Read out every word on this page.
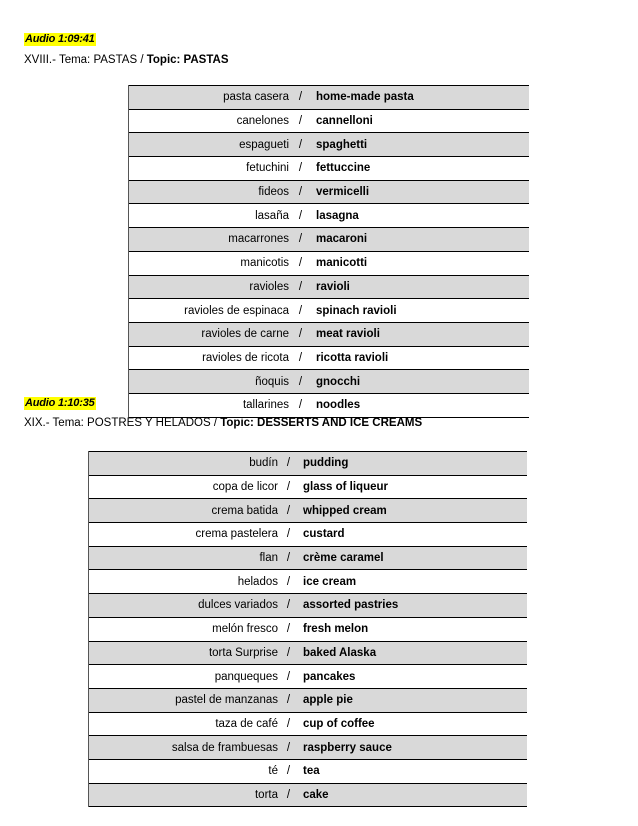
Audio 1:09:41
XVIII.- Tema: PASTAS / Topic: PASTAS
pasta casera /	home-made pasta
canelones /	cannelloni
espagueti /	spaghetti
fetuchini /	fettuccine
fideos /	vermicelli
lasaña /	lasagna
macarrones /	macaroni
manicotis /	manicotti
ravioles /	ravioli
ravioles de espinaca /	spinach ravioli
ravioles de carne /	meat ravioli
ravioles de ricota /	ricotta ravioli
ñoquis /	gnocchi
tallarines /	noodles
Audio 1:10:35
XIX.- Tema: POSTRES Y HELADOS / Topic: DESSERTS AND ICE CREAMS
budín /	pudding
copa de licor /	glass of liqueur
crema batida /	whipped cream
crema pastelera /	custard
flan /	crème caramel
helados /	ice cream
dulces variados /	assorted pastries
melón fresco /	fresh melon
torta Surprise /	baked Alaska
panqueques /	pancakes
pastel de manzanas /	apple pie
taza de café /	cup of coffee
salsa de frambuesas /	raspberry sauce
té /	tea
torta /	cake
